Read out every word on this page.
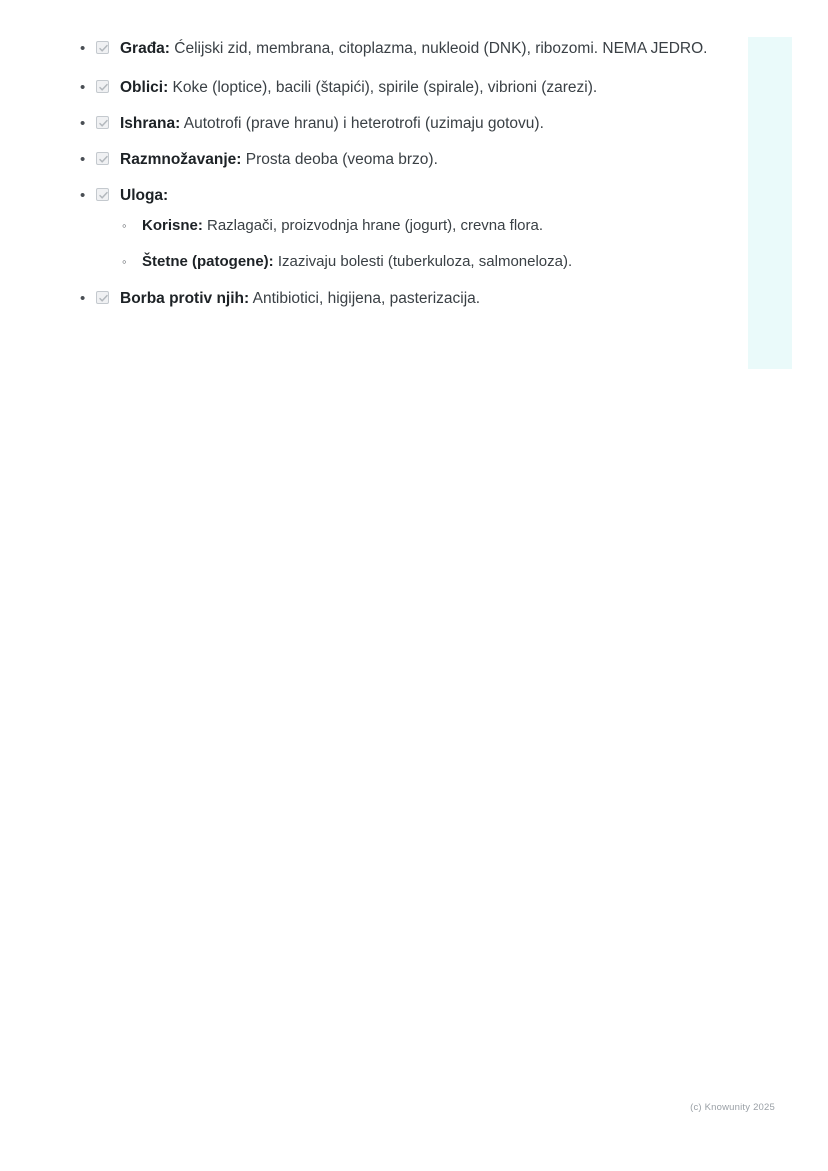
• Građa: Ćelijski zid, membrana, citoplazma, nukleoid (DNK), ribozomi. NEMA JEDRO.
• Oblici: Koke (loptice), bacili (štapići), spirile (spirale), vibrioni (zarezi).
• Ishrana: Autotrofi (prave hranu) i heterotrofi (uzimaju gotovu).
• Razmnožavanje: Prosta deoba (veoma brzo).
• Uloga:
◦ Korisne: Razlagači, proizvodnja hrane (jogurt), crevna flora.
◦ Štetne (patogene): Izazivaju bolesti (tuberkuloza, salmoneloza).
• Borba protiv njih: Antibiotici, higijena, pasterizacija.
(c) Knowunity 2025
